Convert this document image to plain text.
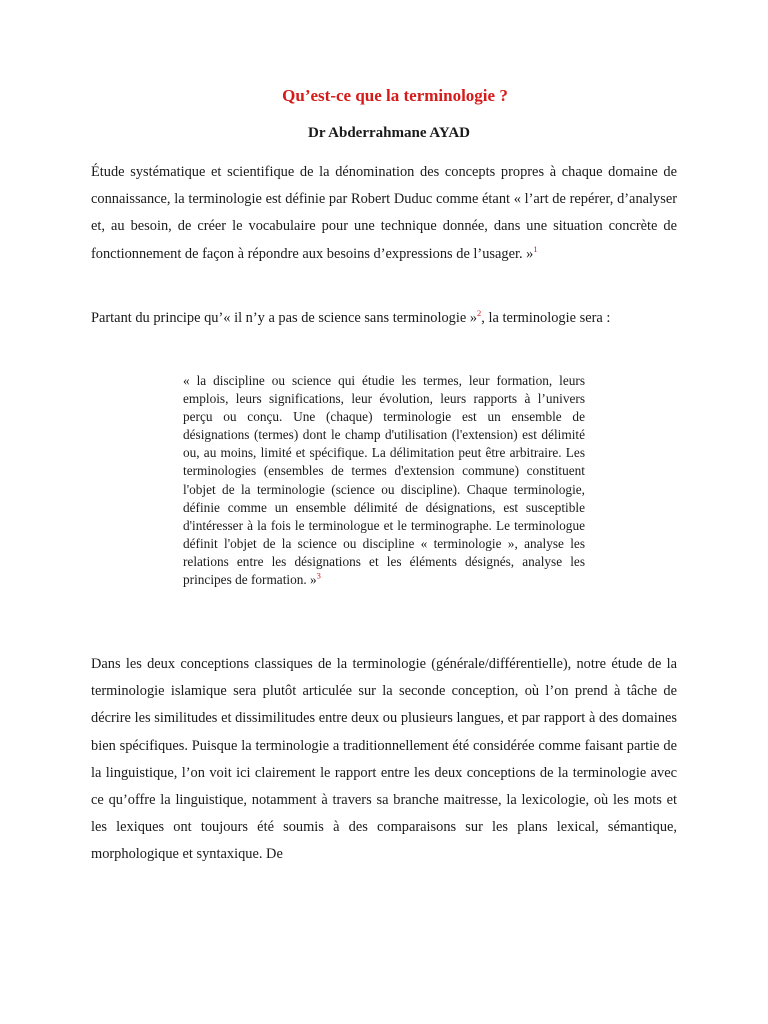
Qu’est-ce que la terminologie ?

Dr Abderrahmane AYAD

Étude systématique et scientifique de la dénomination des concepts propres à chaque domaine de connaissance, la terminologie est définie par Robert Duduc comme étant « l’art de repérer, d’analyser et, au besoin, de créer le vocabulaire pour une technique donnée, dans une situation concrète de fonctionnement de façon à répondre aux besoins d’expressions de l’usager. »$^1$

Partant du principe qu’« il n’y a pas de science sans terminologie »$^2$, la terminologie sera :

« la discipline ou science qui étudie les termes, leur formation, leurs emplois, leurs significations, leur évolution, leurs rapports à l’univers perçu ou conçu. Une (chaque) terminologie est un ensemble de désignations (termes) dont le champ d'utilisation (l'extension) est délimité ou, au moins, limité et spécifique. La délimitation peut être arbitraire. Les terminologies (ensembles de termes d'extension commune) constituent l'objet de la terminologie (science ou discipline). Chaque terminologie, définie comme un ensemble délimité de désignations, est susceptible d'intéresser à la fois le terminologue et le terminographe. Le terminologue définit l'objet de la science ou discipline « terminologie », analyse les relations entre les désignations et les éléments désignés, analyse les principes de formation. »$^3$

Dans les deux conceptions classiques de la terminologie (générale/différentielle), notre étude de la terminologie islamique sera plutôt articulée sur la seconde conception, où l’on prend à tâche de décrire les similitudes et dissimilitudes entre deux ou plusieurs langues, et par rapport à des domaines bien spécifiques. Puisque la terminologie a traditionnellement été considérée comme faisant partie de la linguistique, l’on voit ici clairement le rapport entre les deux conceptions de la terminologie avec ce qu’offre la linguistique, notamment à travers sa branche maitresse, la lexicologie, où les mots et les lexiques ont toujours été soumis à des comparaisons sur les plans lexical, sémantique, morphologique et syntaxique. De
